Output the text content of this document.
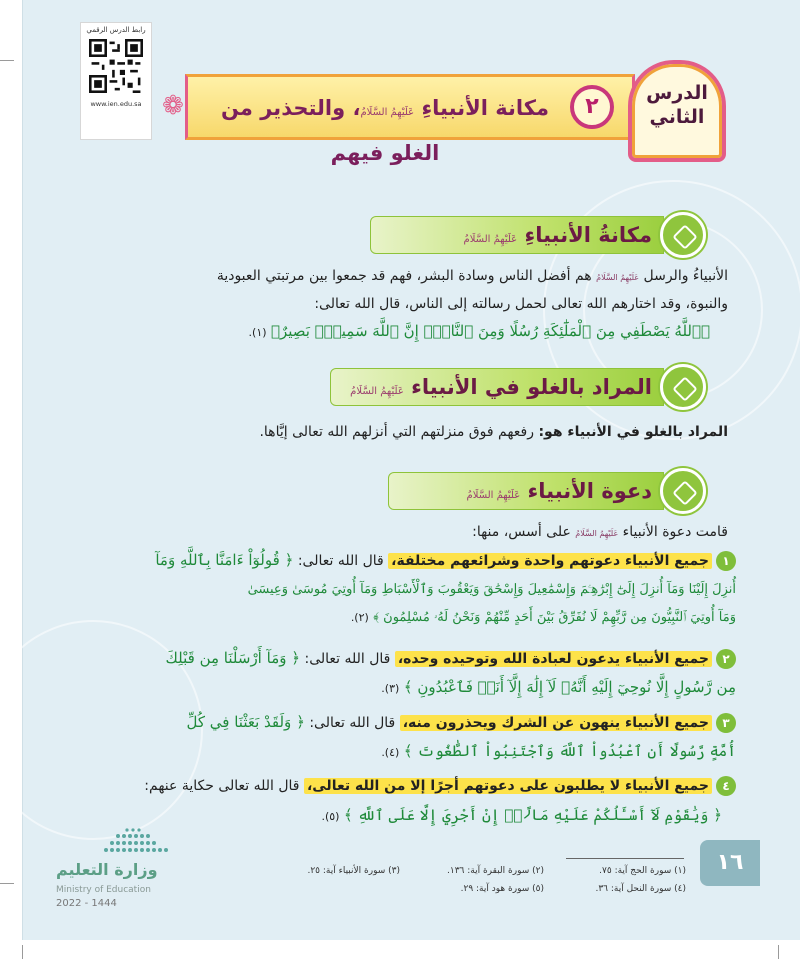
رابط الدرس الرقمي
www.ien.edu.sa ❁	مكانة الأنبياءِ عَلَيْهِمُ السَّلَامُ، والتحذير من الغلو فيهم
٢
الدرس
الثاني
مكانةُ الأنبياءِ عَلَيْهِمُ السَّلَامُ
الأنبياءُ والرسل عَلَيْهِمُ السَّلَامُ هم أفضل الناس وسادة البشر، فهم قد جمعوا بين مرتبتي العبودية
والنبوة، وقد اختارهم الله تعالى لحمل رسالته إلى الناس، قال الله تعالى:
﴿ٱللَّهُ يَصْطَفِي مِنَ ٱلْمَلَٰٓئِكَةِ رُسُلًا وَمِنَ ٱلنَّاسِۚ إِنَّ ٱللَّهَ سَمِيعٌۢ بَصِيرٌ﴾ (١).
المراد بالغلو في الأنبياء عَلَيْهِمُ السَّلَامُ
المراد بالغلو في الأنبياء هو: رفعهم فوق منزلتهم التي أنزلهم الله تعالى إيَّاها.
دعوة الأنبياء عَلَيْهِمُ السَّلَامُ
قامت دعوة الأنبياء عَلَيْهِمُ السَّلَامُ على أسس، منها:
١جميع الأنبياء دعوتهم واحدة وشرائعهم مختلفة، قال الله تعالى: ﴿ قُولُوٓاْ ءَامَنَّا بِٱللَّهِ وَمَآ
أُنزِلَ إِلَيْنَا وَمَآ أُنزِلَ إِلَىٰٓ إِبْرَٰهِـۧمَ وَإِسْمَٰعِيلَ وَإِسْحَٰقَ وَيَعْقُوبَ وَٱلْأَسْبَاطِ وَمَآ أُوتِيَ مُوسَىٰ وَعِيسَىٰ
وَمَآ أُوتِيَ ٱلنَّبِيُّونَ مِن رَّبِّهِمْ لَا نُفَرِّقُ بَيْنَ أَحَدٍ مِّنْهُمْ وَنَحْنُ لَهُۥ مُسْلِمُونَ ﴾ (٢).
٢جميع الأنبياء يدعون لعبادة الله وتوحيده وحده، قال الله تعالى: ﴿ وَمَآ أَرْسَلْنَا مِن قَبْلِكَ
مِن رَّسُولٍ إِلَّا نُوحِيٓ إِلَيْهِ أَنَّهُۥ لَآ إِلَٰهَ إِلَّآ أَنَا۠ فَٱعْبُدُونِ ﴾ (٣).
٣جميع الأنبياء ينهون عن الشرك ويحذرون منه، قال الله تعالى: ﴿ وَلَقَدْ بَعَثْنَا فِي كُلِّ
أُمَّةٍ رَّسُولًا أَنِ ٱعْبُدُواْ ٱللَّهَ وَٱجْتَنِبُواْ ٱلطَّٰغُوتَ ﴾ (٤).
٤جميع الأنبياء لا يطلبون على دعوتهم أجرًا إلا من الله تعالى، قال الله تعالى حكاية عنهم:
﴿ وَيَٰقَوْمِ لَآ أَسْـَٔلُكُمْ عَلَيْهِ مَالًاۖ إِنْ أَجْرِيَ إِلَّا عَلَى ٱللَّهِ ﴾ (٥).
وزارة التعليم
Ministry of Education
2022 - 1444
(١) سورة الحج آية: ٧٥.
(٢) سورة البقرة آية: ١٣٦.
(٣) سورة الأنبياء آية: ٢٥.
(٤) سورة النحل آية: ٣٦.
(٥) سورة هود آية: ٢٩.
١٦
